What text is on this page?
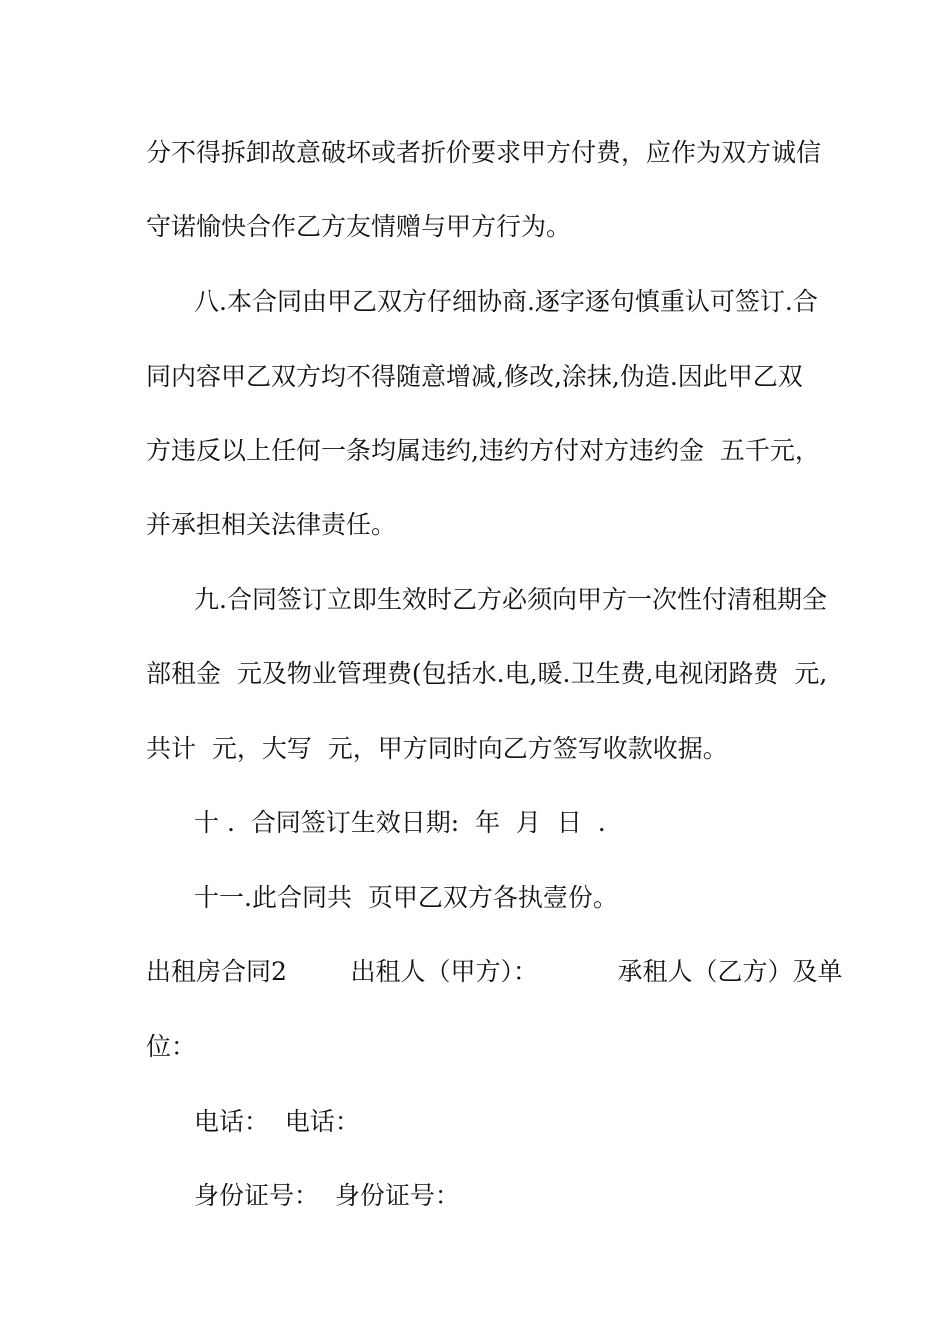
分不得拆卸故意破坏或者折价要求甲方付费，应作为双方诚信
守诺愉快合作乙方友情赠与甲方行为。
八.本合同由甲乙双方仔细协商.逐字逐句慎重认可签订.合
同内容甲乙双方均不得随意增减,修改,涂抹,伪造.因此甲乙双
方违反以上任何一条均属违约,违约方付对方违约金  五千元，
并承担相关法律责任。
九.合同签订立即生效时乙方必须向甲方一次性付清租期全
部租金  元及物业管理费(包括水.电,暖.卫生费,电视闭路费  元,
共计  元，大写  元，甲方同时向乙方签写收款收据。
十 .  合同签订生效日期:  年  月  日  .
十一.此合同共  页甲乙双方各执壹份。
出租房合同2        出租人（甲方）：          承租人（乙方）及单
位：
电话：  电话：
身份证号：  身份证号：
